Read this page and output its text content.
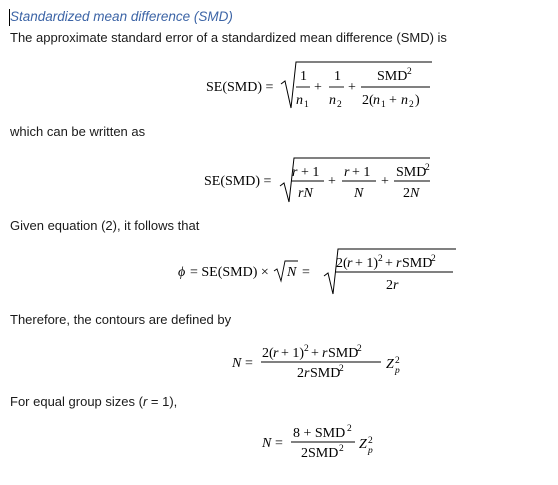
Standardized mean difference (SMD)
The approximate standard error of a standardized mean difference (SMD) is
SE(SMD) =
1
n 1
+
1
n 2
+
SMD 2
2( n 1 + n 2 )
which can be written as
SE(SMD) =
r + 1
rN
+
r + 1
N
+
SMD
2
2 N
Given equation (2), it follows that
ϕ = SE(SMD) × N =
2( r + 1) 2 + r SMD
2
2 r
Therefore, the contours are defined by
N =
2( r + 1) 2 + r SMD
2
2 r SMD
2	Z 2
p
For equal group sizes (r = 1),
N =
8 + SMD 2
2SMD 2 Z 2
p
